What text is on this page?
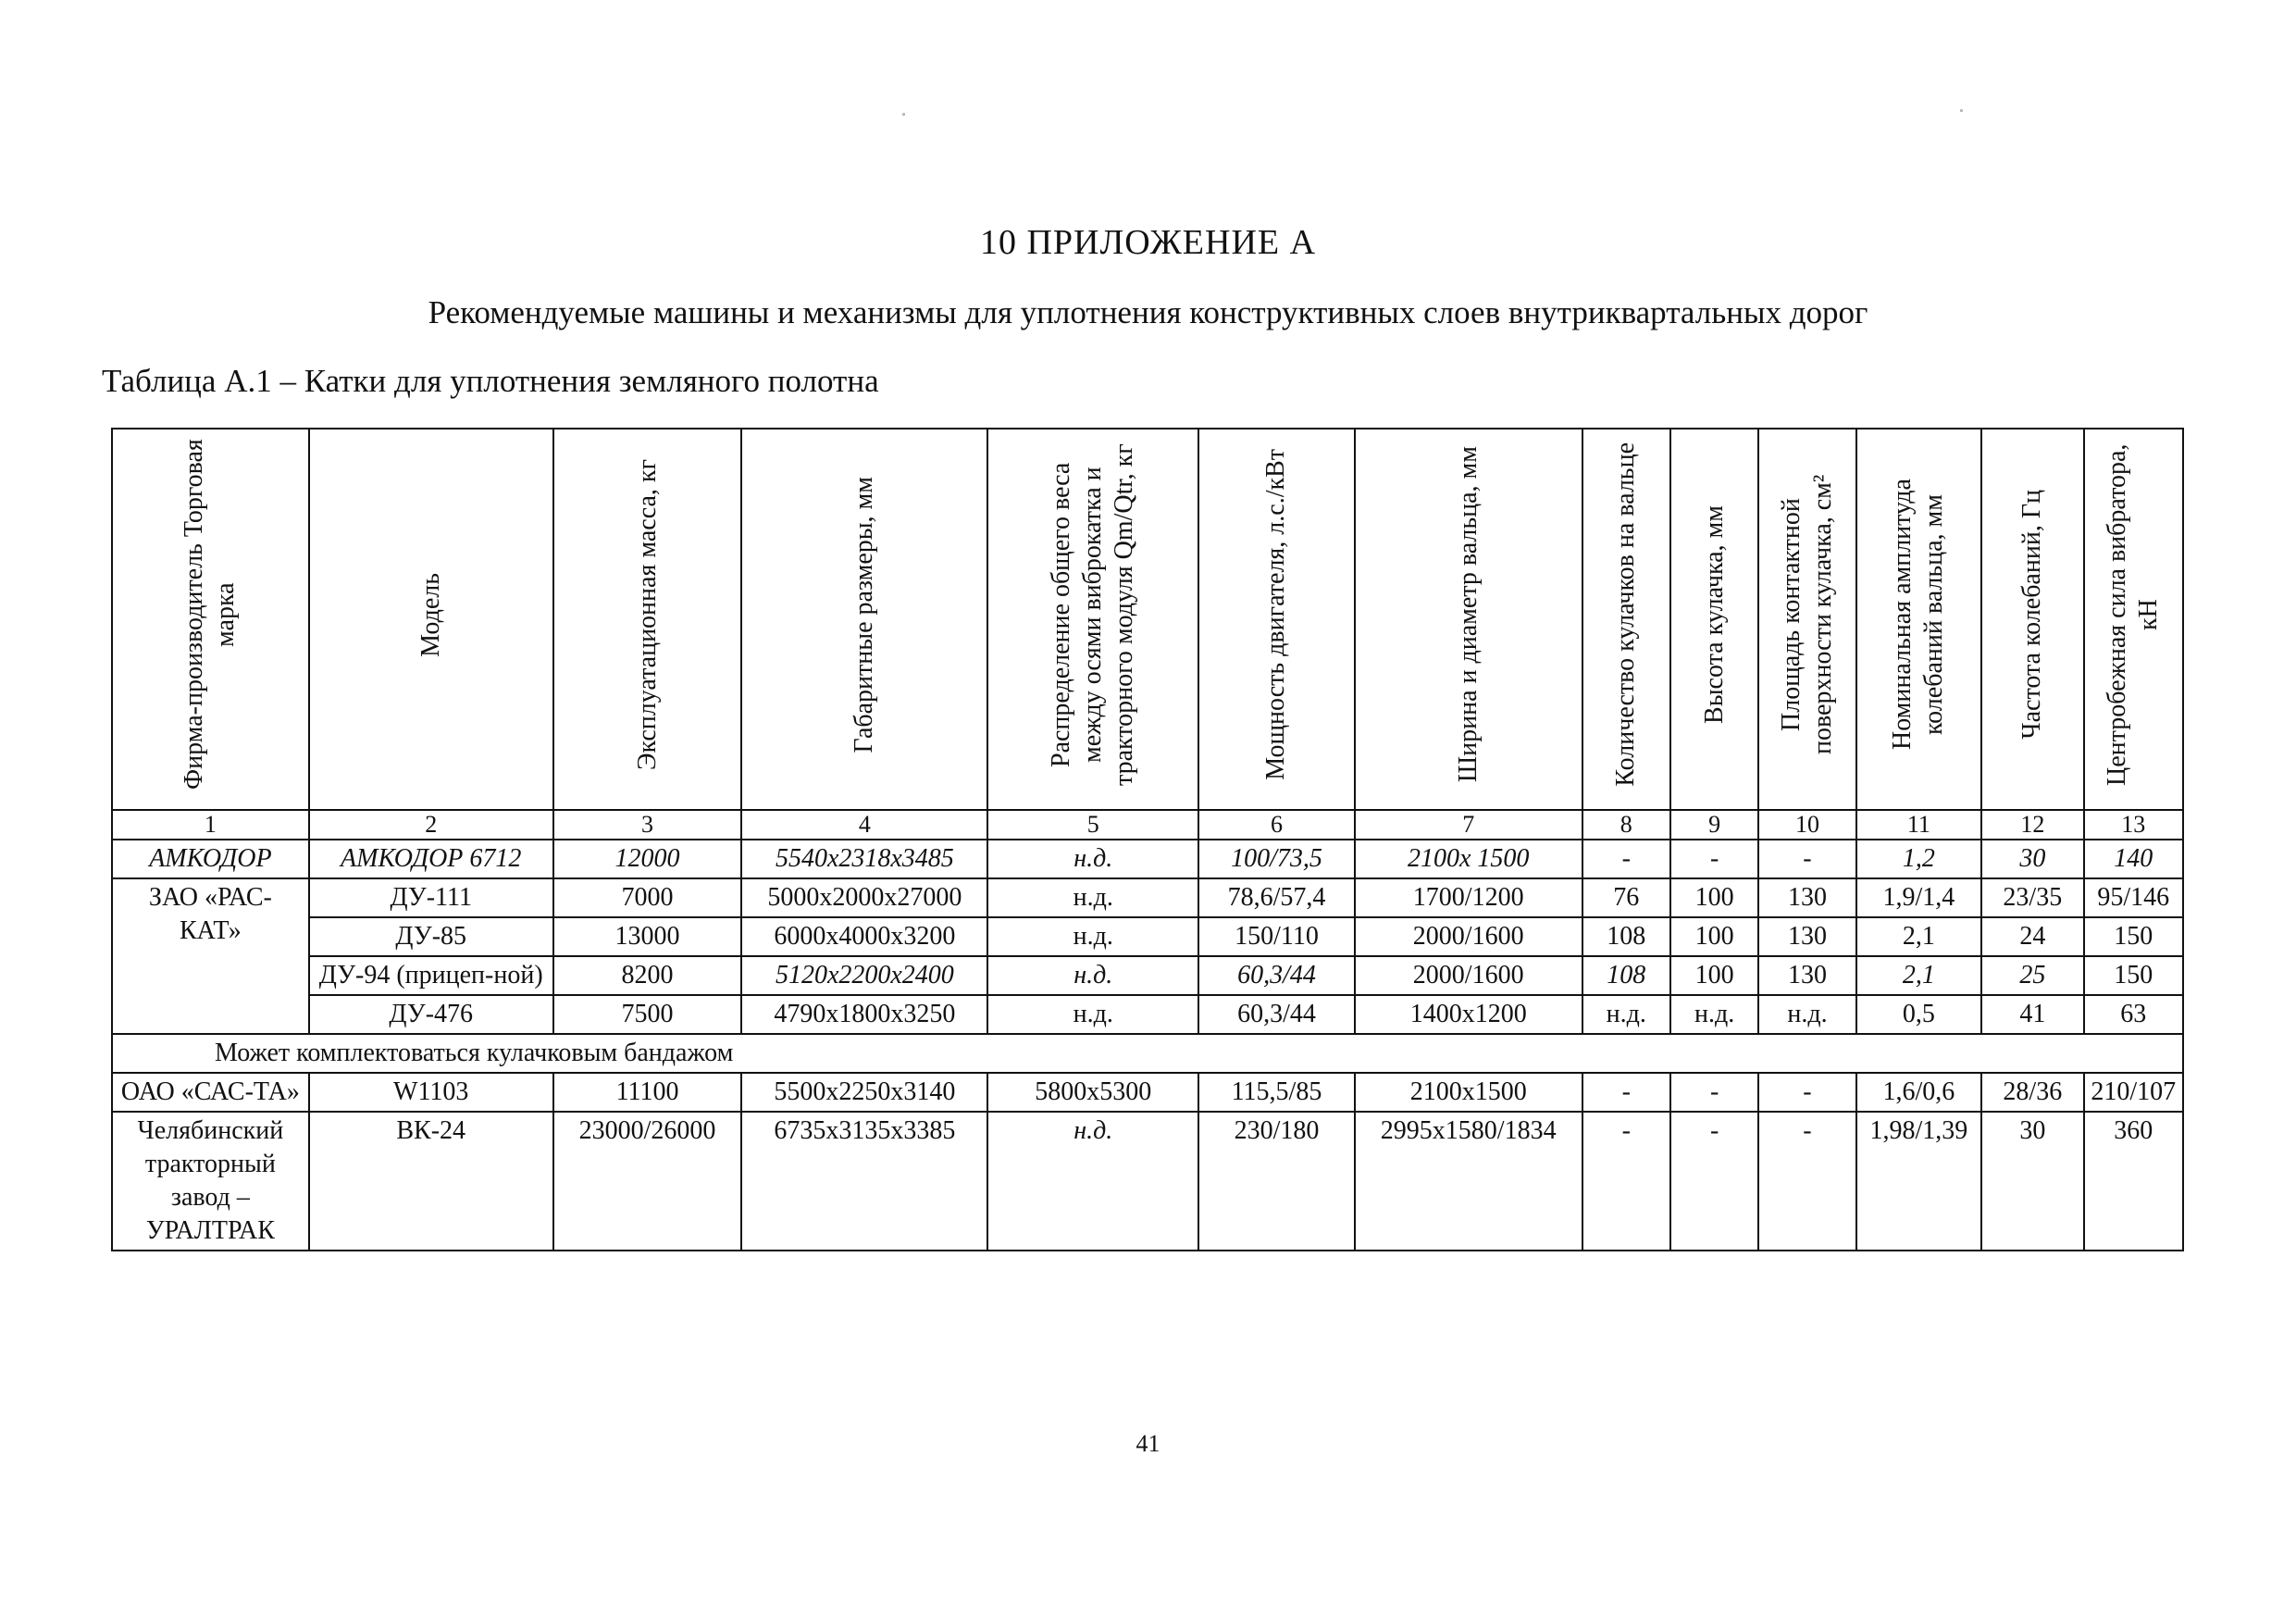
10 ПРИЛОЖЕНИЕ А
Рекомендуемые машины и механизмы для уплотнения конструктивных слоев внутриквартальных дорог
Таблица А.1 – Катки для уплотнения земляного полотна
Фирма-производитель Торговая марка	Модель	Эксплуатационная масса, кг	Габаритные размеры, мм	Распределение общего веса между осями виброкатка и тракторного модуля Qm/Qtr, кг	Мощность двигателя, л.с./кВт	Ширина и диаметр вальца, мм	Количество кулачков на вальце	Высота кулачка, мм	Площадь контактной поверхности кулачка, см²	Номинальная амплитуда колебаний вальца, мм	Частота колебаний, Гц	Центробежная сила вибратора, кН
1	2	3	4	5	6	7	8	9	10	11	12	13
АМКОДОР	АМКОДОР 6712	12000	5540x2318x3485	н.д.	100/73,5	2100x 1500	-	-	-	1,2	30	140
ЗАО «РАС-КАТ»	ДУ-111	7000	5000x2000x27000	н.д.	78,6/57,4	1700/1200	76	100	130	1,9/1,4	23/35	95/146
	ДУ-85	13000	6000x4000x3200	н.д.	150/110	2000/1600	108	100	130	2,1	24	150
	ДУ-94 (прицеп-ной)	8200	5120x2200x2400	н.д.	60,3/44	2000/1600	108	100	130	2,1	25	150
	ДУ-476	7500	4790x1800x3250	н.д.	60,3/44	1400x1200	н.д.	н.д.	н.д.	0,5	41	63
Может комплектоваться кулачковым бандажом												
ОАО «САС-ТА»	W1103	11100	5500x2250x3140	5800x5300	115,5/85	2100x1500	-	-	-	1,6/0,6	28/36	210/107
Челябинский тракторный завод – УРАЛТРАК	ВК-24	23000/26000	6735x3135x3385	н.д.	230/180	2995x1580/1834	-	-	-	1,98/1,39	30	360
41
